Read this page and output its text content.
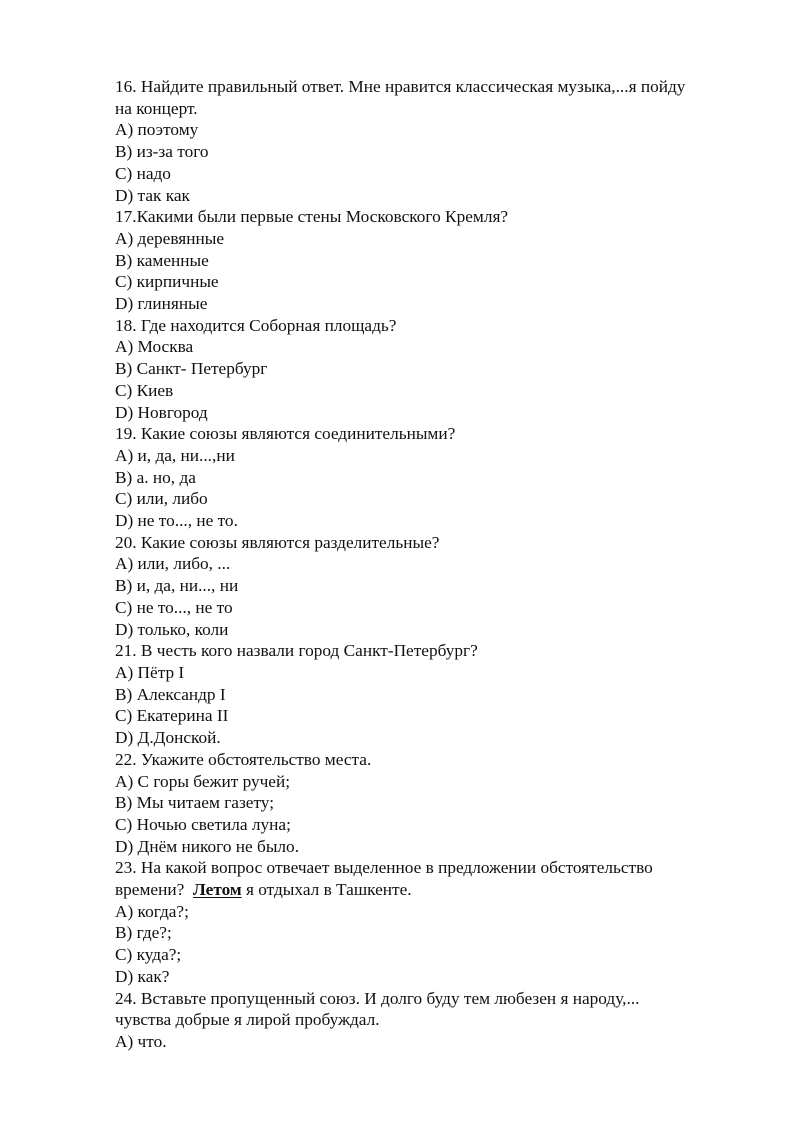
16. Найдите правильный ответ. Мне нравится классическая музыка,...я пойду

на концерт.

A) поэтому

B) из-за того

C) надо

D) так как

17.Какими были первые стены Московского Кремля?

A) деревянные

B) каменные

C) кирпичные

D) глиняные

18. Где находится Соборная площадь?

A) Москва

B) Санкт- Петербург

C) Киев

D) Новгород

19. Какие союзы являются соединительными?

A) и, да, ни...,ни

B) а. но, да

C) или, либо

D) не то..., не то.

20. Какие союзы являются разделительные?

A) или, либо, ...

B) и, да, ни..., ни

C) не то..., не то

D) только, коли

21. В честь кого назвали город Санкт-Петербург?

A) Пётр I

B) Александр I

C) Екатерина II

D) Д.Донской.

22. Укажите обстоятельство места.

A) С горы бежит ручей;

B) Мы читаем газету;

C) Ночью светила луна;

D) Днём никого не было.

23. На какой вопрос отвечает выделенное в предложении обстоятельство

времени?  Летом я отдыхал в Ташкенте.

A) когда?;

B) где?;

C) куда?;

D) как?

24. Вставьте пропущенный союз. И долго буду тем любезен я народу,...

чувства добрые я лирой пробуждал.

A) что.
